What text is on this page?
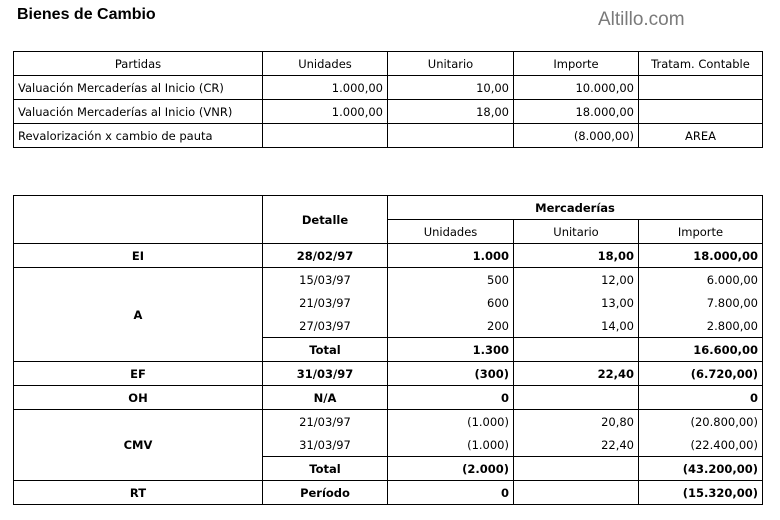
Bienes de Cambio	Altillo.com
Partidas	Unidades	Unitario	Importe	Tratam. Contable
Valuación Mercaderías al Inicio (CR)	1.000,00	10,00	10.000,00	
Valuación Mercaderías al Inicio (VNR)	1.000,00	18,00	18.000,00	
Revalorización x cambio de pauta			(8.000,00)	AREA
	Detalle	Mercaderías		
		Unidades	Unitario	Importe
EI	28/02/97	1.000	18,00	18.000,00
A	15/03/97	500	12,00	6.000,00
	21/03/97	600	13,00	7.800,00
	27/03/97	200	14,00	2.800,00
	Total	1.300		16.600,00
EF	31/03/97	(300)	22,40	(6.720,00)
OH	N/A	0		0
CMV	21/03/97	(1.000)	20,80	(20.800,00)
	31/03/97	(1.000)	22,40	(22.400,00)
	Total	(2.000)		(43.200,00)
RT	Período	0		(15.320,00)
